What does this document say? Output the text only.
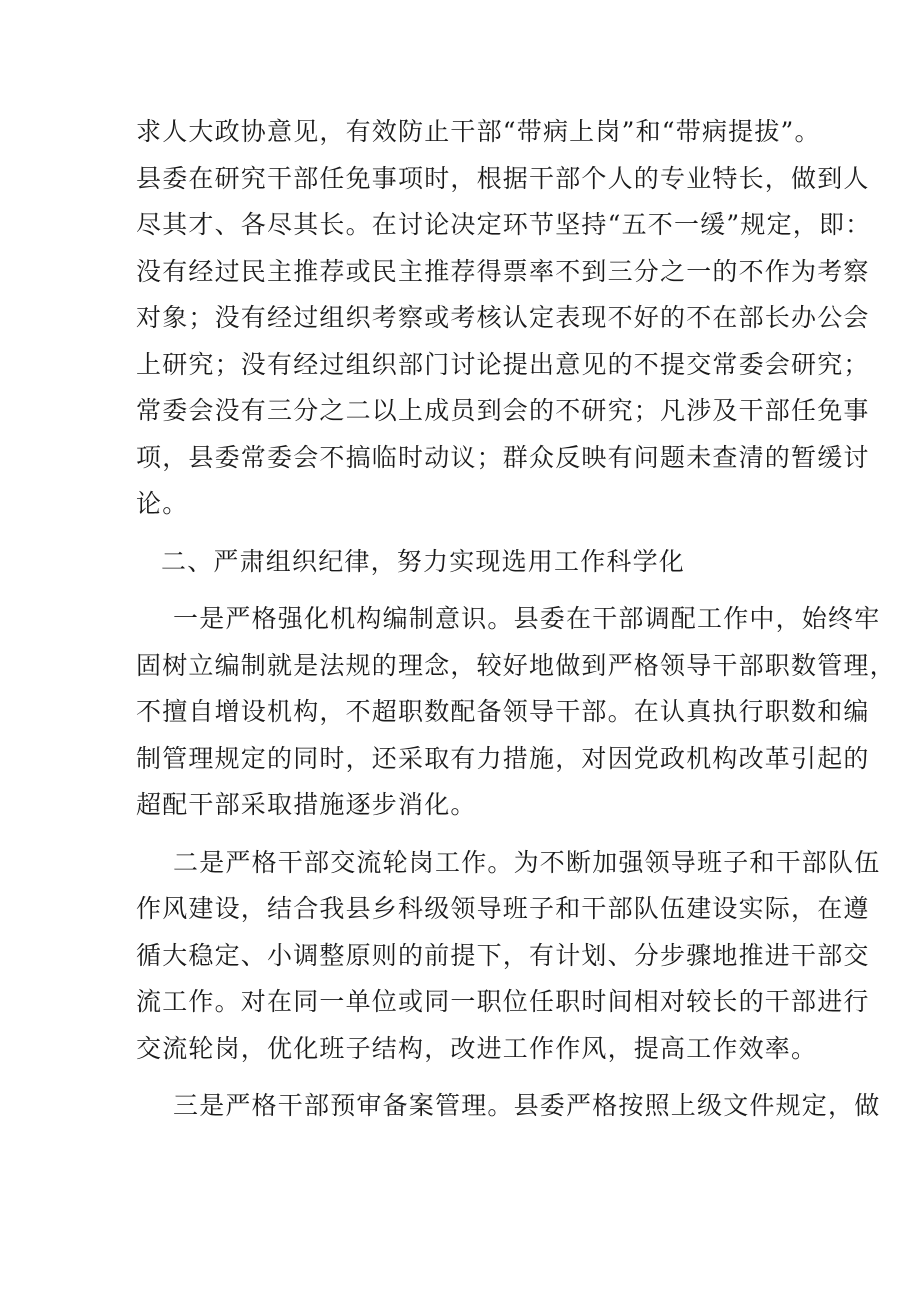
求人大政协意见，有效防止干部“带病上岗”和“带病提拔”。
县委在研究干部任免事项时，根据干部个人的专业特长，做到人
尽其才、各尽其长。在讨论决定环节坚持“五不一缓”规定，即：
没有经过民主推荐或民主推荐得票率不到三分之一的不作为考察
对象；没有经过组织考察或考核认定表现不好的不在部长办公会
上研究；没有经过组织部门讨论提出意见的不提交常委会研究；
常委会没有三分之二以上成员到会的不研究；凡涉及干部任免事
项，县委常委会不搞临时动议；群众反映有问题未查清的暂缓讨
论。

二、严肃组织纪律，努力实现选用工作科学化

一是严格强化机构编制意识。县委在干部调配工作中，始终牢
固树立编制就是法规的理念，较好地做到严格领导干部职数管理，
不擅自增设机构，不超职数配备领导干部。在认真执行职数和编
制管理规定的同时，还采取有力措施，对因党政机构改革引起的
超配干部采取措施逐步消化。

二是严格干部交流轮岗工作。为不断加强领导班子和干部队伍
作风建设，结合我县乡科级领导班子和干部队伍建设实际，在遵
循大稳定、小调整原则的前提下，有计划、分步骤地推进干部交
流工作。对在同一单位或同一职位任职时间相对较长的干部进行
交流轮岗，优化班子结构，改进工作作风，提高工作效率。

三是严格干部预审备案管理。县委严格按照上级文件规定，做
